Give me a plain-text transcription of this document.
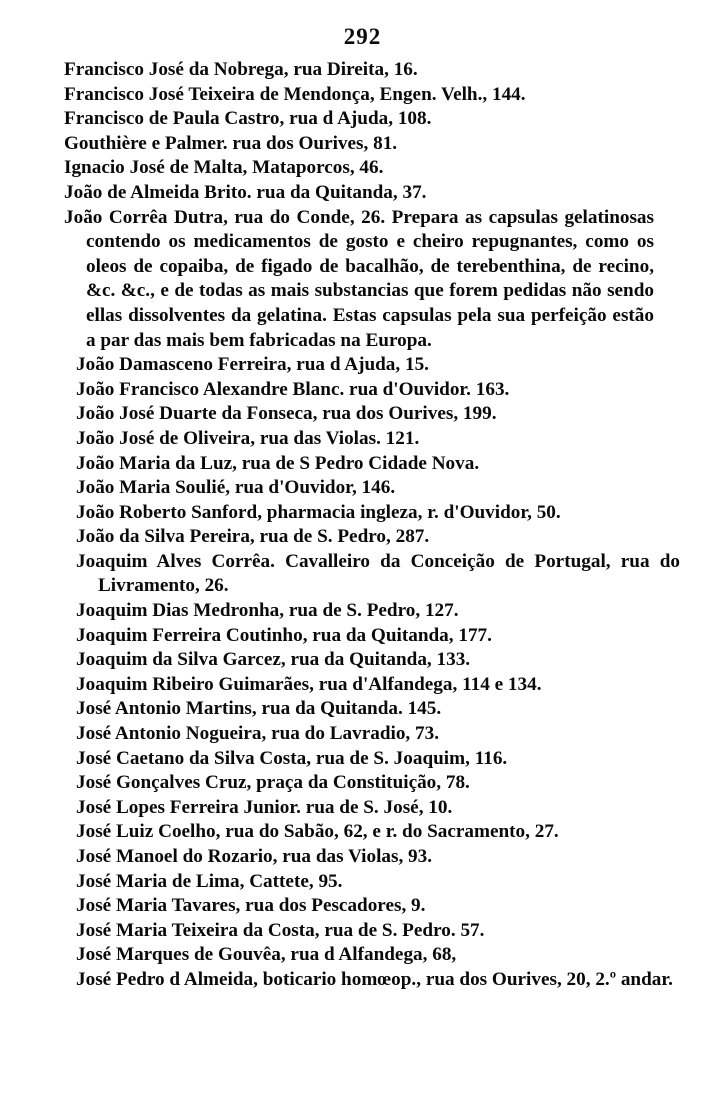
292
Francisco José da Nobrega, rua Direita, 16.
Francisco José Teixeira de Mendonça, Engen. Velh., 144.
Francisco de Paula Castro, rua d Ajuda, 108.
Gouthière e Palmer. rua dos Ourives, 81.
Ignacio José de Malta, Mataporcos, 46.
João de Almeida Brito. rua da Quitanda, 37.
João Corrêa Dutra, rua do Conde, 26. Prepara as capsulas gelatinosas contendo os medicamentos de gosto e cheiro repugnantes, como os oleos de copaiba, de figado de bacalhão, de terebenthina, de recino, &c. &c., e de todas as mais substancias que forem pedidas não sendo ellas dissolventes da gelatina. Estas capsulas pela sua perfeição estão a par das mais bem fabricadas na Europa.
João Damasceno Ferreira, rua d Ajuda, 15.
João Francisco Alexandre Blanc. rua d'Ouvidor. 163.
João José Duarte da Fonseca, rua dos Ourives, 199.
João José de Oliveira, rua das Violas. 121.
João Maria da Luz, rua de S Pedro Cidade Nova.
João Maria Soulié, rua d'Ouvidor, 146.
João Roberto Sanford, pharmacia ingleza, r. d'Ouvidor, 50.
João da Silva Pereira, rua de S. Pedro, 287.
Joaquim Alves Corrêa. Cavalleiro da Conceição de Portugal, rua do Livramento, 26.
Joaquim Dias Medronha, rua de S. Pedro, 127.
Joaquim Ferreira Coutinho, rua da Quitanda, 177.
Joaquim da Silva Garcez, rua da Quitanda, 133.
Joaquim Ribeiro Guimarães, rua d'Alfandega, 114 e 134.
José Antonio Martins, rua da Quitanda. 145.
José Antonio Nogueira, rua do Lavradio, 73.
José Caetano da Silva Costa, rua de S. Joaquim, 116.
José Gonçalves Cruz, praça da Constituição, 78.
José Lopes Ferreira Junior. rua de S. José, 10.
José Luiz Coelho, rua do Sabão, 62, e r. do Sacramento, 27.
José Manoel do Rozario, rua das Violas, 93.
José Maria de Lima, Cattete, 95.
José Maria Tavares, rua dos Pescadores, 9.
José Maria Teixeira da Costa, rua de S. Pedro. 57.
José Marques de Gouvêa, rua d Alfandega, 68,
José Pedro d Almeida, boticario homœop., rua dos Ourives, 20, 2.º andar.
